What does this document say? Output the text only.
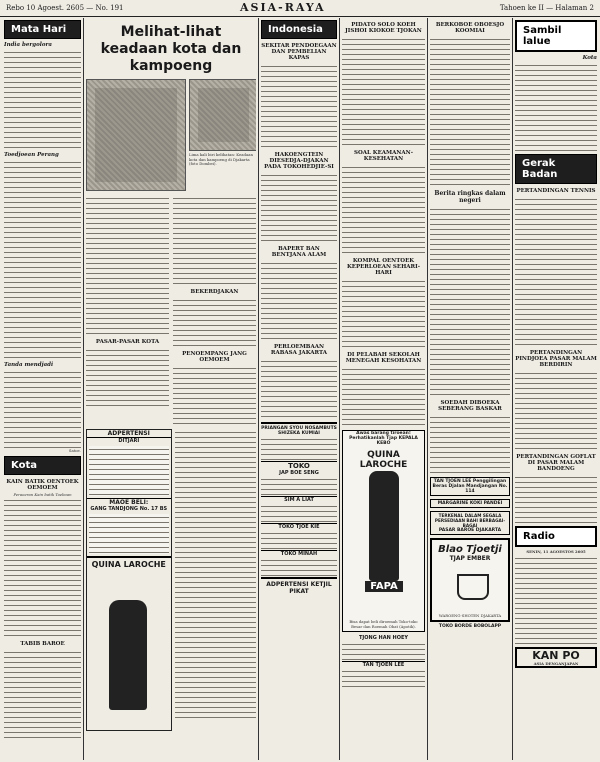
Rebo 10 Agoest. 2605 — No. 191	ASIA-RAYA	Tahoen ke II — Halaman 2
Mata Hari
India bergolora
Toedjoean Perang
Tanda mendjadi
Satoe.
Kota
KAIN BATIK OENTOEK OEMOEM
Peraoeran Kain batik Toeboan
TABIB BAROE
Melihat-lihat keadaan kota dan kampoeng
Lima kali biri kelihatan: Keadaan kota dan kampoeng di Djakarta (foto Dombei).
PASAR-PASAR KOTA
BEKERDJAKAN
PENOEMPANG JANG OEMOEM
ADPERTENSI
DITJARI
MAOE BELI:
GANG TANDJONG No. 17 BS
QUINA LAROCHE
Indonesia
SEKITAR PENDOEGAAN DAN PEMBELIAN KAPAS
HAKOENGTEIN DIESEDJA-DJAKAN PADA TOKOHEDJIE-SI
BAPERT BAN BENTJANA ALAM
PERLOEMBAAN RABASA JAKARTA
PRIANGAN SYOU NOSAMBUTS SHIZEKA KUMIAI
TOKO
JAP BOE SENG
SIM A LIAT
TOKO TJOE KIE
TOKO MINAH
ADPERTENSI KETJIL PIKAT
PIDATO SOLO KOEH JISHOI KIOKOE TJOKAN
SOAL KEAMANAN-KESEHATAN
KOMPAL OENTOEK KEPERLOEAN SEHARI-HARI
DI PELABAH SEKOLAH MENEGAH KESOHATAN
Awas barang tiroean! Perhatikanlah Tjap KEPALA KEBO
QUINA LAROCHE
FAPA
Bisa dapat beli diroemah Toko-toko Besar dan Roemah Obat (Apotik).
TJONG HAN HOEY
TAN TJOEN LEE
BERKOBOE OBOESJO KOOMIAI
Berita ringkas dalam negeri
SOEDAH DIBOEKA SEBERANG BASKAR
TAN TJOEN LEE Penggilingan Beras Djalan Mandjangan No. 114
MARGARINE KOKI PANDEI
TERKENAL DALAM SEGALA PERSEDIAAN BAHI BERBAGAI-BAGAI
PASAR BAROE DJAKARTA
Blao Tjoetji
TJAP EMBER
WAROENG-SHOTEN DJAKARTA
TOKO BORDE BOBOLAPP
Sambil lalue
Kota
Gerak Badan
PERTANDINGAN TENNIS
PERTANDINGAN PINDJOEA PASAR MALAM BERDIRIN
PERTANDINGAN GOFLAT DI PASAR MALAM BANDOENG
Radio
SENIN, 11 AGOESTOS 2605
KAN PO
ASIA DENGANJAPAN
